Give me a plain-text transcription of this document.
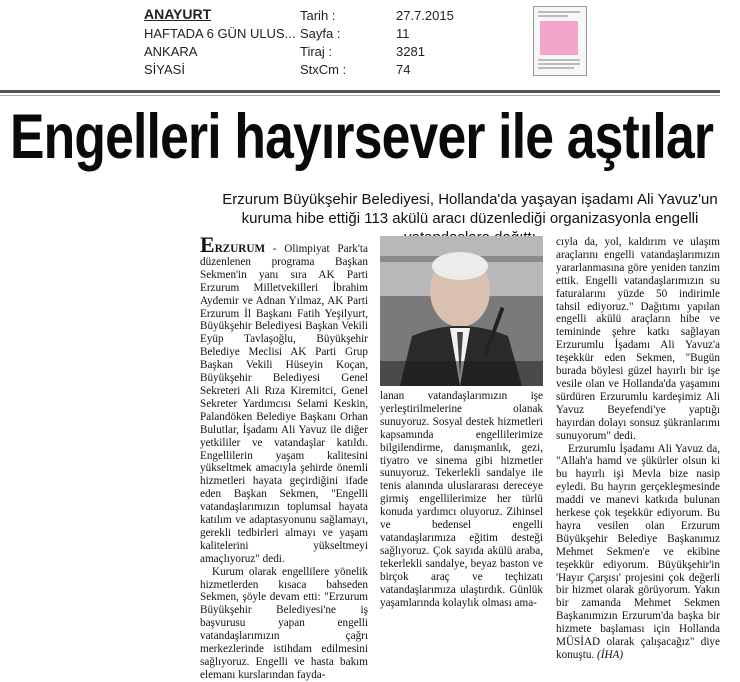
ANAYURT
HAFTADA 6 GÜN ULUS...
ANKARA
SİYASİ
Tarih :
Sayfa :
Tiraj :
StxCm :
27.7.2015
11
3281
74
Engelleri hayırsever ile aştılar
Erzurum Büyükşehir Belediyesi, Hollanda'da yaşayan işadamı Ali Yavuz'un kuruma hibe ettiği 113 akülü aracı düzenlediği organizasyonla engelli

ERZURUM - Olimpiyat Park'ta düzenlenen programa Başkan Sekmen'in yanı sıra AK Parti Erzurum Milletvekilleri İbrahim Aydemir ve Adnan Yılmaz, AK Parti Erzurum İl Başkanı Fatih Yeşilyurt, Büyükşehir Belediyesi Başkan Vekili Eyüp Tavlaşoğlu, Büyükşehir Belediye Meclisi AK Parti Grup Başkan Vekili Hüseyin Koçan, Büyükşehir Belediyesi Genel Sekreteri Ali Rıza Kiremitci, Genel Sekreter Yardımcısı Selami Keskin, Palandöken Belediye Başkanı Orhan Bulutlar, İşadamı Ali Yavuz ile diğer yetkililer ve vatandaşlar katıldı. Engellilerin yaşam kalitesini yükseltmek amacıyla şehirde önemli hizmetleri hayata geçirdiğini ifade eden Başkan Sekmen, "Engelli vatandaşlarımızın toplumsal hayata katılım ve adaptasyonunu sağlamayı, gerekli tedbirleri almayı ve yaşam kalitelerini yükseltmeyi amaçlıyoruz" dedi.

Kurum olarak engellilere yönelik hizmetlerden kısaca bahseden Sekmen, şöyle devam etti: "Erzurum Büyükşehir Belediyesi'ne iş başvurusu yapan engelli vatandaşlarımızın çağrı merkezlerinde istihdam edilmesini sağlıyoruz. Engelli ve hasta bakım elemanı kurslarından fayda-

lanan vatandaşlarımızın işe yerleştirilmelerine olanak sunuyoruz. Sosyal destek hizmetleri kapsamında engellilerimize bilgilendirme, danışmanlık, gezi, tiyatro ve sinema gibi hizmetler sunuyoruz. Tekerlekli sandalye ile tenis alanında uluslararası dereceye girmiş engellilerimize her türlü konuda yardımcı oluyoruz. Zihinsel ve bedensel engelli vatandaşlarımıza eğitim desteği sağlıyoruz. Çok sayıda akülü araba, tekerlekli sandalye, beyaz baston ve birçok araç ve teçhizatı vatandaşlarımıza ulaştırdık. Günlük yaşamlarında kolaylık olması ama-

cıyla da, yol, kaldırım ve ulaşım araçlarını engelli vatandaşlarımızın yararlanmasına göre yeniden tanzim ettik. Engelli vatandaşlarımızın su faturalarını yüzde 50 indirimle tahsil ediyoruz." Dağıtımı yapılan engelli akülü araçların hibe ve temininde şehre katkı sağlayan Erzurumlu İşadamı Ali Yavuz'a teşekkür eden Sekmen, "Bugün burada böylesi güzel hayırlı bir işe vesile olan ve Hollanda'da yaşamını sürdüren Erzurumlu kardeşimiz Ali Yavuz Beyefendi'ye yaptığı hayırdan dolayı sonsuz şükranlarımı sunuyorum" dedi.

Erzurumlu İşadamı Ali Yavuz da, "Allah'a hamd ve şükürler olsun ki bu hayırlı işi Mevla bize nasip eyledi. Bu hayrın gerçekleşmesinde maddi ve manevi katkıda bulunan herkese çok teşekkür ediyorum. Bu hayra vesilen olan Erzurum Büyükşehir Belediye Başkanımız Mehmet Sekmen'e ve ekibine teşekkür ediyorum. Büyükşehir'in 'Hayır Çarşısı' projesini çok değerli bir hizmet olarak görüyorum. Yakın bir zamanda Mehmet Sekmen Başkanımızın Erzurum'da başka bir hizmete başlaması için Hollanda MÜSİAD olarak çalışacağız" diye konuştu. (İHA)
